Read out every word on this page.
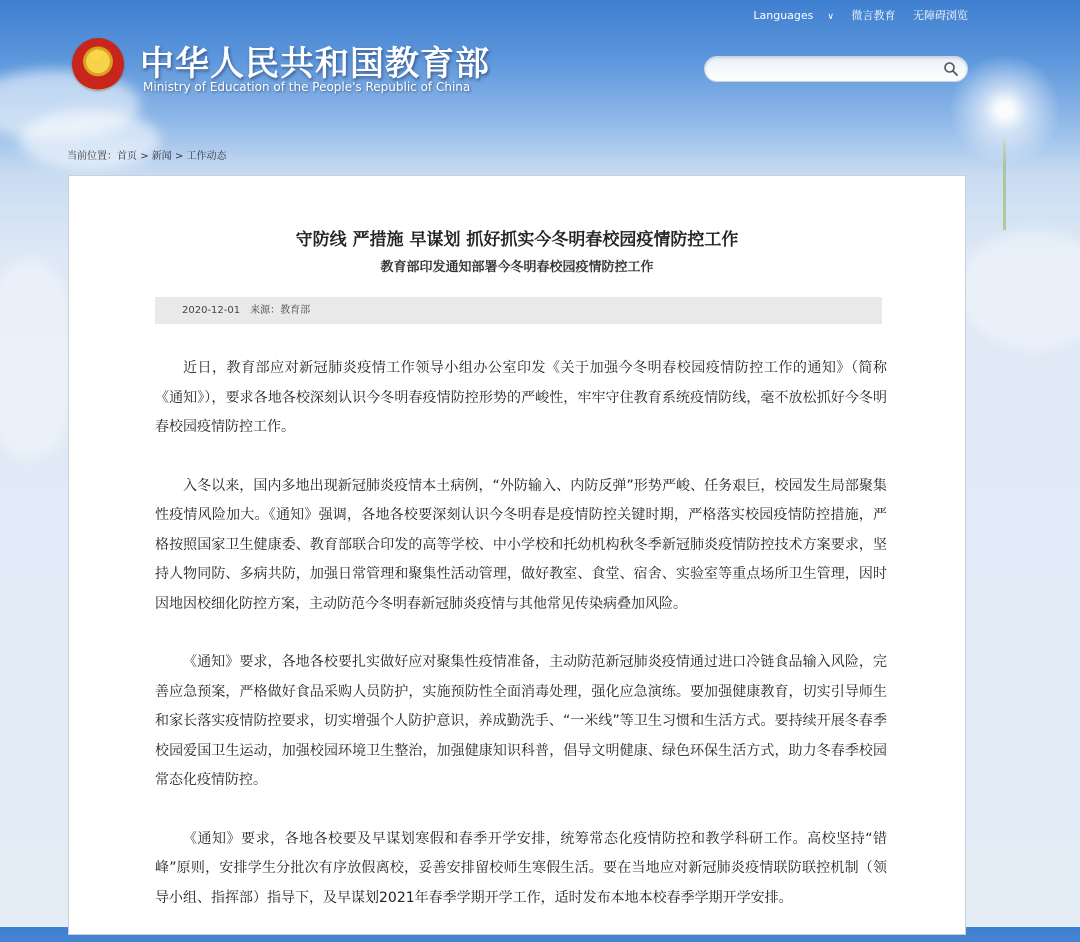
★ 中华人民共和国教育部
Ministry of Education of the People's Republic of China
Languages ∨ 微言教育 无障碍浏览
当前位置：首页 > 新闻 > 工作动态
守防线 严措施 早谋划 抓好抓实今冬明春校园疫情防控工作
教育部印发通知部署今冬明春校园疫情防控工作
2020-12-01 来源：教育部

近日，教育部应对新冠肺炎疫情工作领导小组办公室印发《关于加强今冬明春校园疫情防控工作的通知》（简称《通知》），要求各地各校深刻认识今冬明春疫情防控形势的严峻性，牢牢守住教育系统疫情防线，毫不放松抓好今冬明春校园疫情防控工作。

入冬以来，国内多地出现新冠肺炎疫情本土病例，“外防输入、内防反弹”形势严峻、任务艰巨，校园发生局部聚集性疫情风险加大。《通知》强调，各地各校要深刻认识今冬明春是疫情防控关键时期，严格落实校园疫情防控措施，严格按照国家卫生健康委、教育部联合印发的高等学校、中小学校和托幼机构秋冬季新冠肺炎疫情防控技术方案要求，坚持人物同防、多病共防，加强日常管理和聚集性活动管理，做好教室、食堂、宿舍、实验室等重点场所卫生管理，因时因地因校细化防控方案，主动防范今冬明春新冠肺炎疫情与其他常见传染病叠加风险。

《通知》要求，各地各校要扎实做好应对聚集性疫情准备，主动防范新冠肺炎疫情通过进口冷链食品输入风险，完善应急预案，严格做好食品采购人员防护，实施预防性全面消毒处理，强化应急演练。要加强健康教育，切实引导师生和家长落实疫情防控要求，切实增强个人防护意识，养成勤洗手、“一米线”等卫生习惯和生活方式。要持续开展冬春季校园爱国卫生运动，加强校园环境卫生整治，加强健康知识科普，倡导文明健康、绿色环保生活方式，助力冬春季校园常态化疫情防控。

《通知》要求，各地各校要及早谋划寒假和春季开学安排，统筹常态化疫情防控和教学科研工作。高校坚持“错峰”原则，安排学生分批次有序放假离校，妥善安排留校师生寒假生活。要在当地应对新冠肺炎疫情联防联控机制（领导小组、指挥部）指导下，及早谋划2021年春季学期开学工作，适时发布本地本校春季学期开学安排。
